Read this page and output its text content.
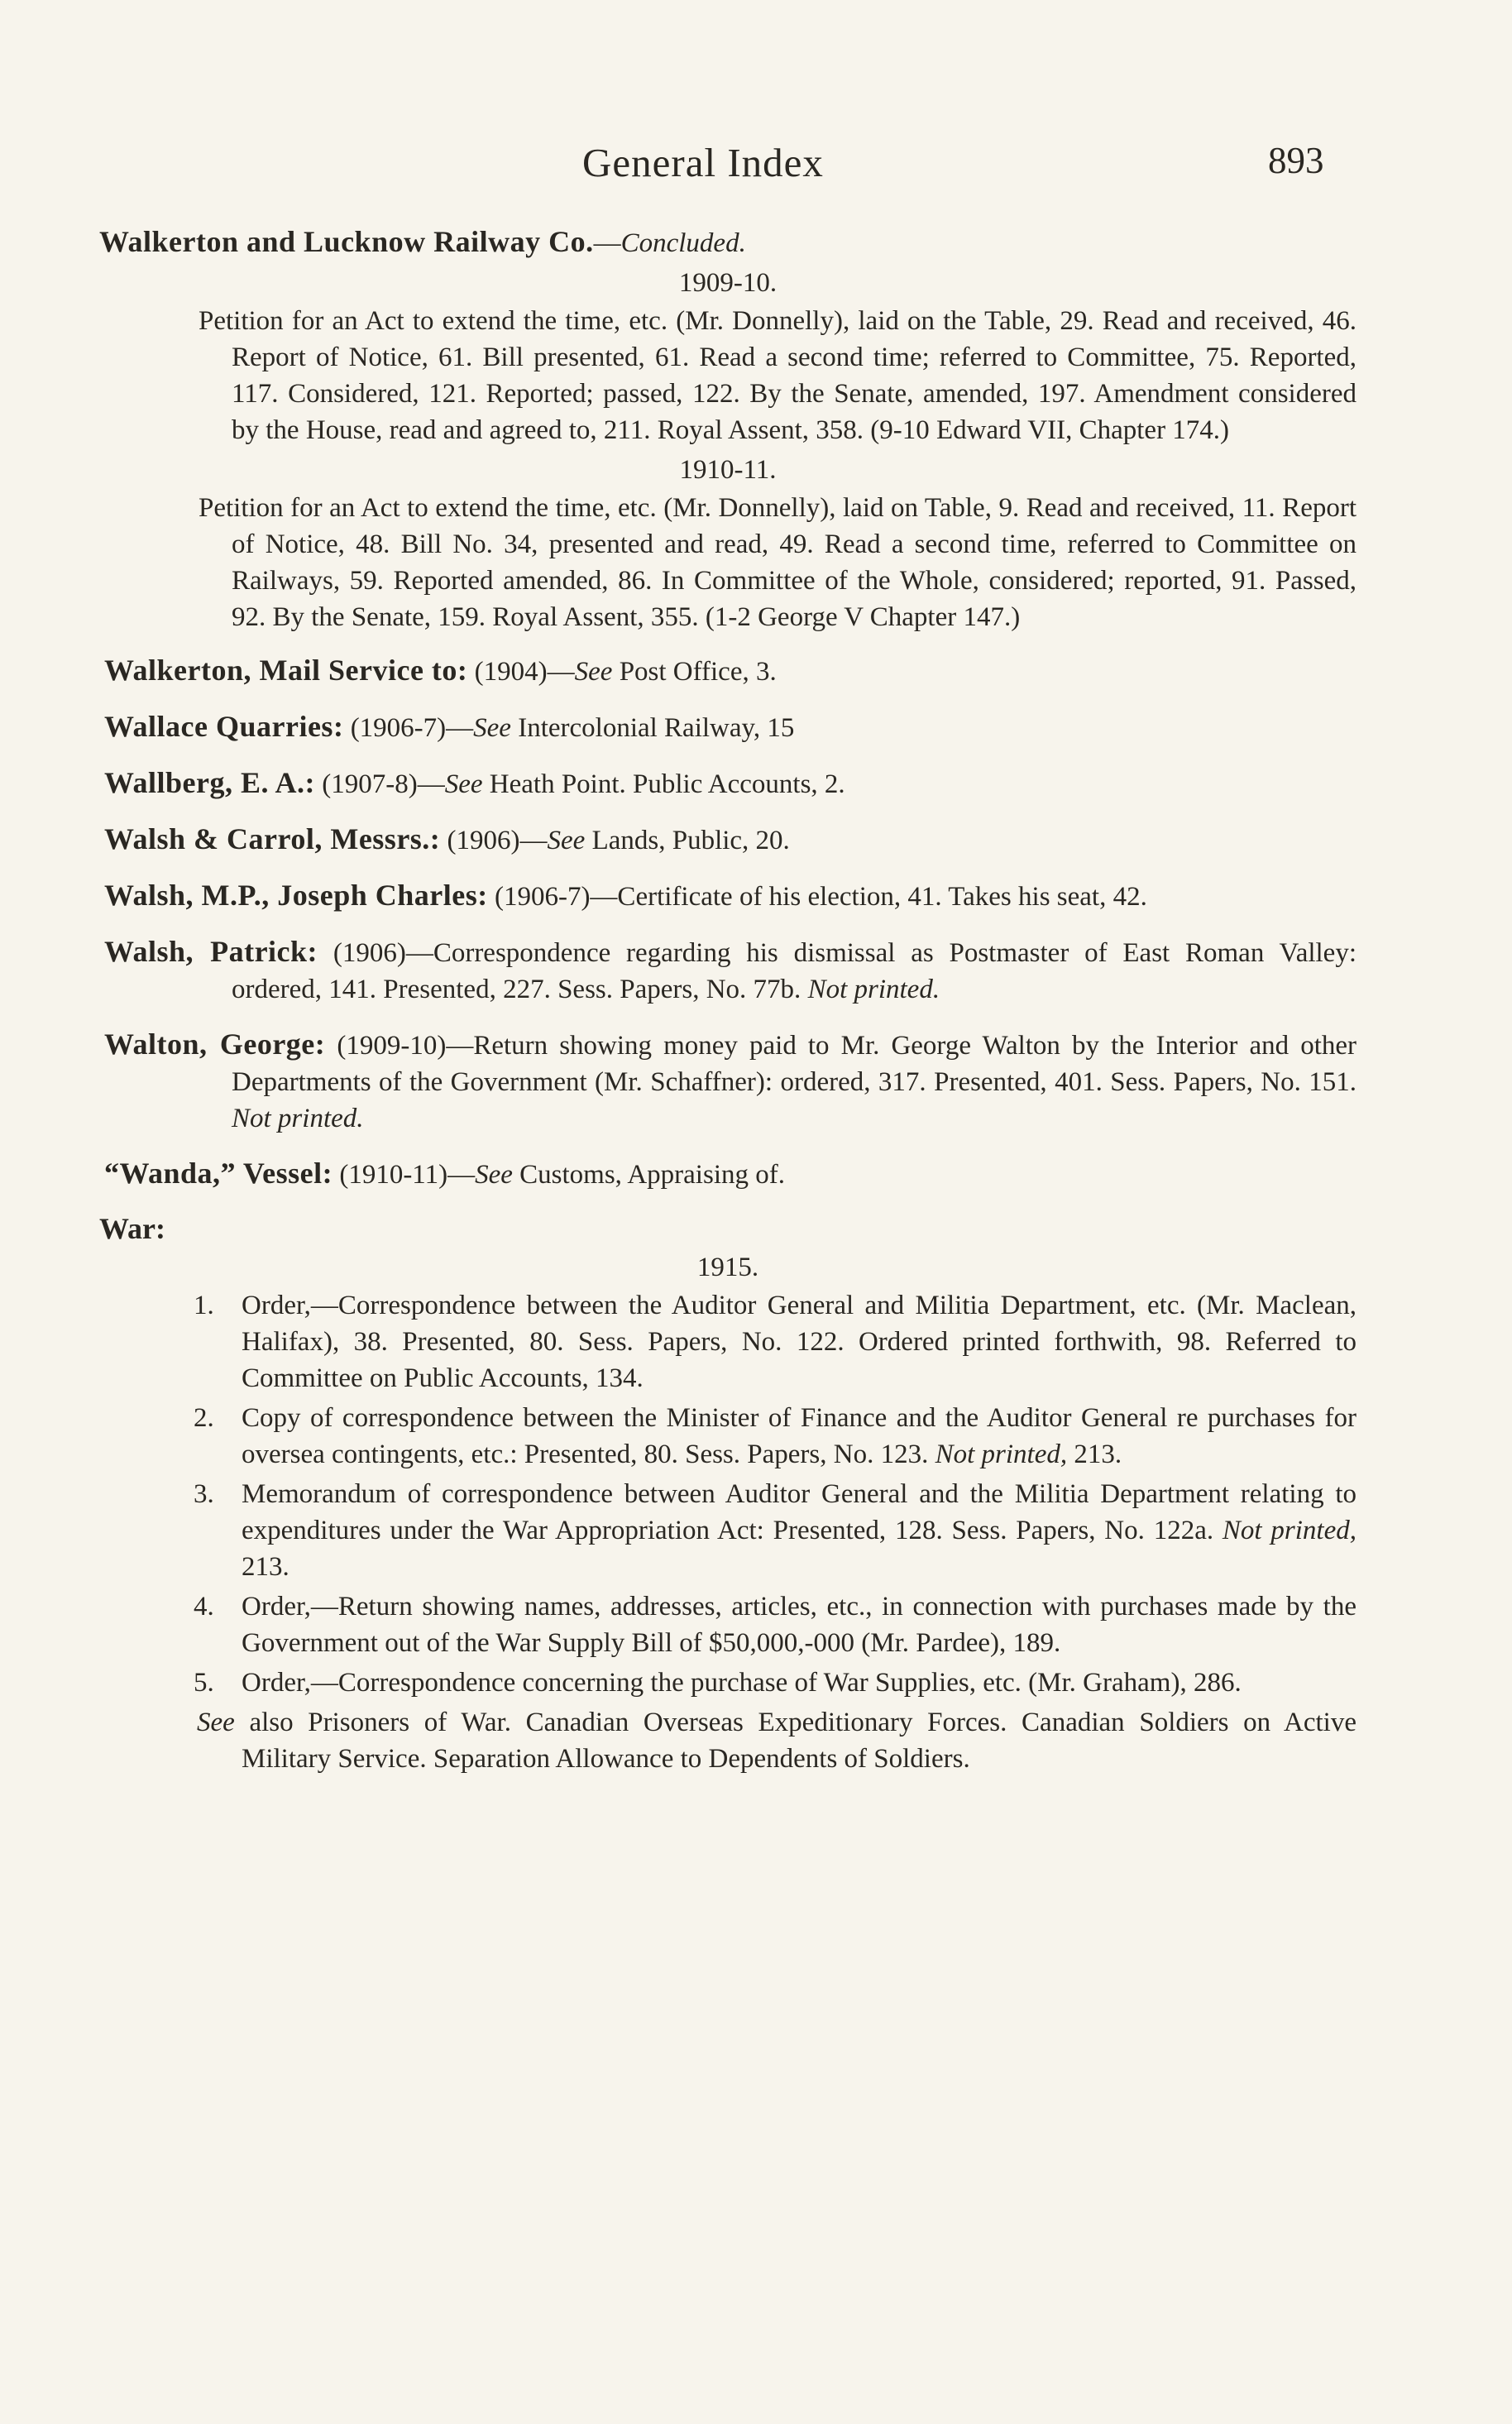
General Index	893
Walkerton and Lucknow Railway Co.—Concluded.
1909-10.
Petition for an Act to extend the time, etc. (Mr. Donnelly), laid on the Table, 29. Read and received, 46. Report of Notice, 61. Bill presented, 61. Read a second time; referred to Committee, 75. Reported, 117. Considered, 121. Reported; passed, 122. By the Senate, amended, 197. Amendment considered by the House, read and agreed to, 211. Royal Assent, 358. (9-10 Edward VII, Chapter 174.)
1910-11.
Petition for an Act to extend the time, etc. (Mr. Donnelly), laid on Table, 9. Read and received, 11. Report of Notice, 48. Bill No. 34, presented and read, 49. Read a second time, referred to Committee on Railways, 59. Reported amended, 86. In Committee of the Whole, considered; reported, 91. Passed, 92. By the Senate, 159. Royal Assent, 355. (1-2 George V Chapter 147.)
Walkerton, Mail Service to: (1904)—See Post Office, 3.
Wallace Quarries: (1906-7)—See Intercolonial Railway, 15
Wallberg, E. A.: (1907-8)—See Heath Point. Public Accounts, 2.
Walsh & Carrol, Messrs.: (1906)—See Lands, Public, 20.
Walsh, M.P., Joseph Charles: (1906-7)—Certificate of his election, 41. Takes his seat, 42.
Walsh, Patrick: (1906)—Correspondence regarding his dismissal as Postmaster of East Roman Valley: ordered, 141. Presented, 227. Sess. Papers, No. 77b. Not printed.
Walton, George: (1909-10)—Return showing money paid to Mr. George Walton by the Interior and other Departments of the Government (Mr. Schaffner): ordered, 317. Presented, 401. Sess. Papers, No. 151. Not printed.
“Wanda,” Vessel: (1910-11)—See Customs, Appraising of.
War:
1915.
1. Order,—Correspondence between the Auditor General and Militia Department, etc. (Mr. Maclean, Halifax), 38. Presented, 80. Sess. Papers, No. 122. Ordered printed forthwith, 98. Referred to Committee on Public Accounts, 134.
2. Copy of correspondence between the Minister of Finance and the Auditor General re purchases for oversea contingents, etc.: Presented, 80. Sess. Papers, No. 123. Not printed, 213.
3. Memorandum of correspondence between Auditor General and the Militia Department relating to expenditures under the War Appropriation Act: Presented, 128. Sess. Papers, No. 122a. Not printed, 213.
4. Order,—Return showing names, addresses, articles, etc., in connection with purchases made by the Government out of the War Supply Bill of $50,000,-000 (Mr. Pardee), 189.
5. Order,—Correspondence concerning the purchase of War Supplies, etc. (Mr. Graham), 286.
See also Prisoners of War. Canadian Overseas Expeditionary Forces. Canadian Soldiers on Active Military Service. Separation Allowance to Dependents of Soldiers.
